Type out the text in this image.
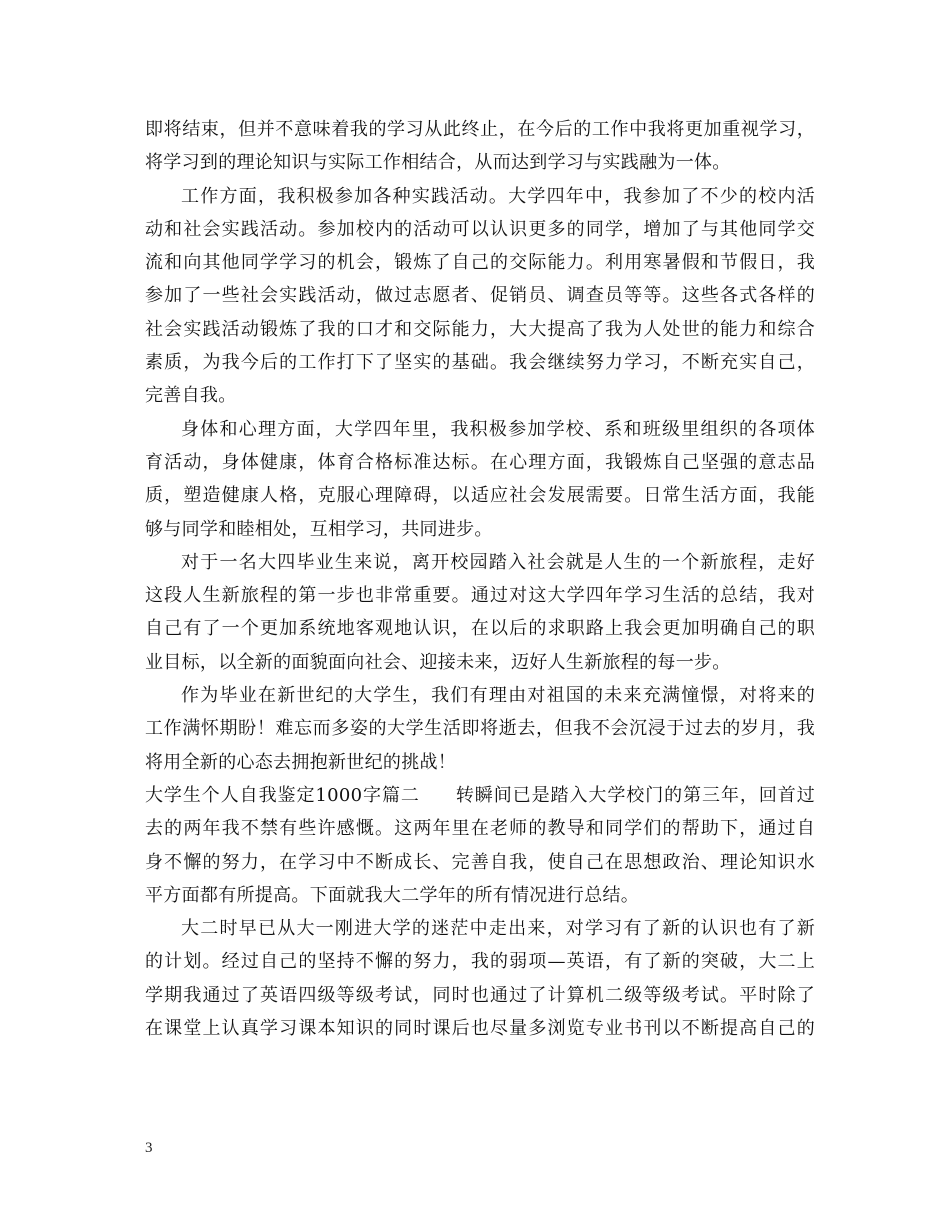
即将结束，但并不意味着我的学习从此终止，在今后的工作中我将更加重视学习，
将学习到的理论知识与实际工作相结合，从而达到学习与实践融为一体。
工作方面，我积极参加各种实践活动。大学四年中，我参加了不少的校内活
动和社会实践活动。参加校内的活动可以认识更多的同学，增加了与其他同学交
流和向其他同学学习的机会，锻炼了自己的交际能力。利用寒暑假和节假日，我
参加了一些社会实践活动，做过志愿者、促销员、调查员等等。这些各式各样的
社会实践活动锻炼了我的口才和交际能力，大大提高了我为人处世的能力和综合
素质，为我今后的工作打下了坚实的基础。我会继续努力学习，不断充实自己，
完善自我。
身体和心理方面，大学四年里，我积极参加学校、系和班级里组织的各项体
育活动，身体健康，体育合格标准达标。在心理方面，我锻炼自己坚强的意志品
质，塑造健康人格，克服心理障碍，以适应社会发展需要。日常生活方面，我能
够与同学和睦相处，互相学习，共同进步。
对于一名大四毕业生来说，离开校园踏入社会就是人生的一个新旅程，走好
这段人生新旅程的第一步也非常重要。通过对这大学四年学习生活的总结，我对
自己有了一个更加系统地客观地认识，在以后的求职路上我会更加明确自己的职
业目标，以全新的面貌面向社会、迎接未来，迈好人生新旅程的每一步。
作为毕业在新世纪的大学生，我们有理由对祖国的未来充满憧憬，对将来的
工作满怀期盼！难忘而多姿的大学生活即将逝去，但我不会沉浸于过去的岁月，我
将用全新的心态去拥抱新世纪的挑战！
大学生个人自我鉴定1000字篇二 转瞬间已是踏入大学校门的第三年，回首过
去的两年我不禁有些许感慨。这两年里在老师的教导和同学们的帮助下，通过自
身不懈的努力，在学习中不断成长、完善自我，使自己在思想政治、理论知识水
平方面都有所提高。下面就我大二学年的所有情况进行总结。
大二时早已从大一刚进大学的迷茫中走出来，对学习有了新的认识也有了新
的计划。经过自己的坚持不懈的努力，我的弱项—英语，有了新的突破，大二上
学期我通过了英语四级等级考试，同时也通过了计算机二级等级考试。平时除了
在课堂上认真学习课本知识的同时课后也尽量多浏览专业书刊以不断提高自己的
3
